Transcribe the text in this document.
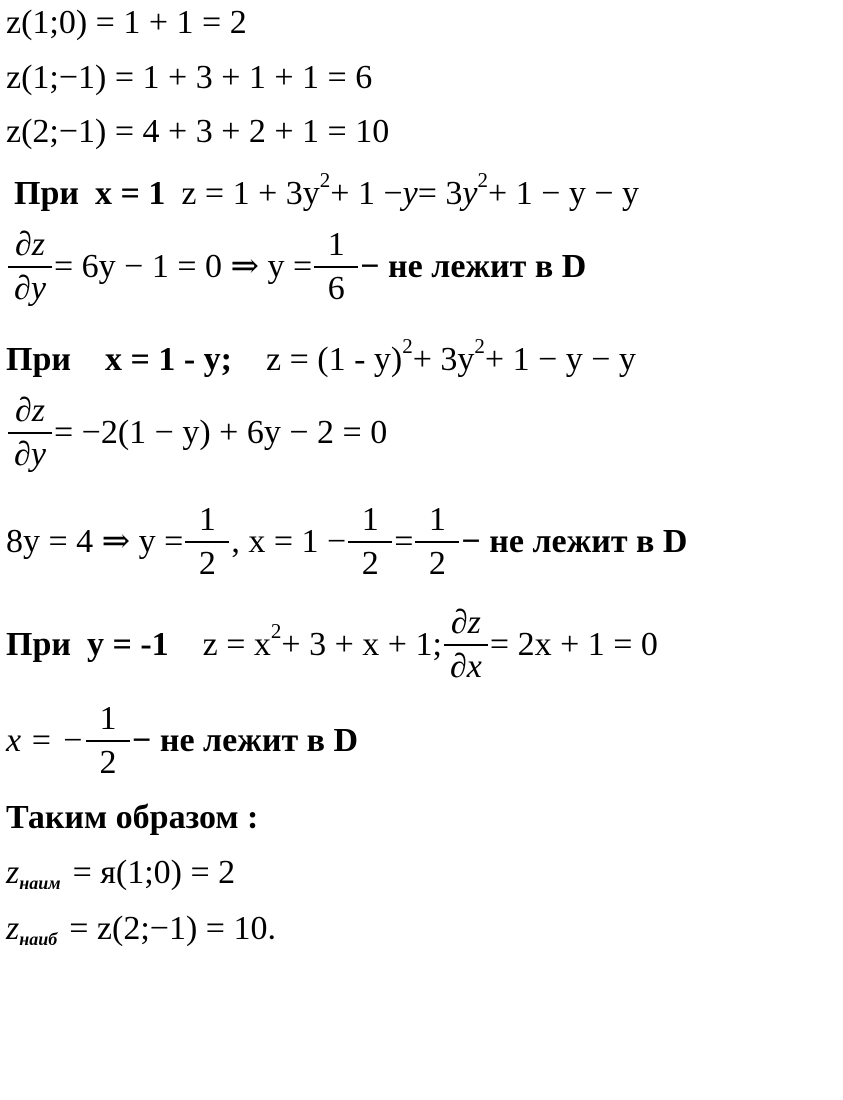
z(1;0) = 1 + 1 = 2
z(1;−1) = 1 + 3 + 1 + 1 = 6
z(2;−1) = 4 + 3 + 2 + 1 = 10
При x = 1 $z = 1 + 3y^2 + 1 - y = 3$ $y^2 + 1 - y - y$
$\frac{\partial z}{\partial y} = 6y - 1 = 0$ ⇒ $y = \frac{1}{6}$ − не лежит в D
При x = 1 - y; $z = (1 - y)^2 + 3y^2 + 1 - y - y$
$\frac{\partial z}{\partial y} = -2(1 - y) + 6y - 2 = 0$
8y = 4 ⇒ $y = \frac{1}{2}$ , $x = 1 - \frac{1}{2} = \frac{1}{2}$ − не лежит в D
При y = -1 $z = x^2 + 3 + x + 1$; $\frac{\partial z}{\partial x} = 2x + 1 = 0$
x = − $\frac{1}{2}$ − не лежит в D
Таким образом :
$z_{наим}$ = я(1;0) = 2
$z_{наиб}$ = z(2;−1) = 10.
